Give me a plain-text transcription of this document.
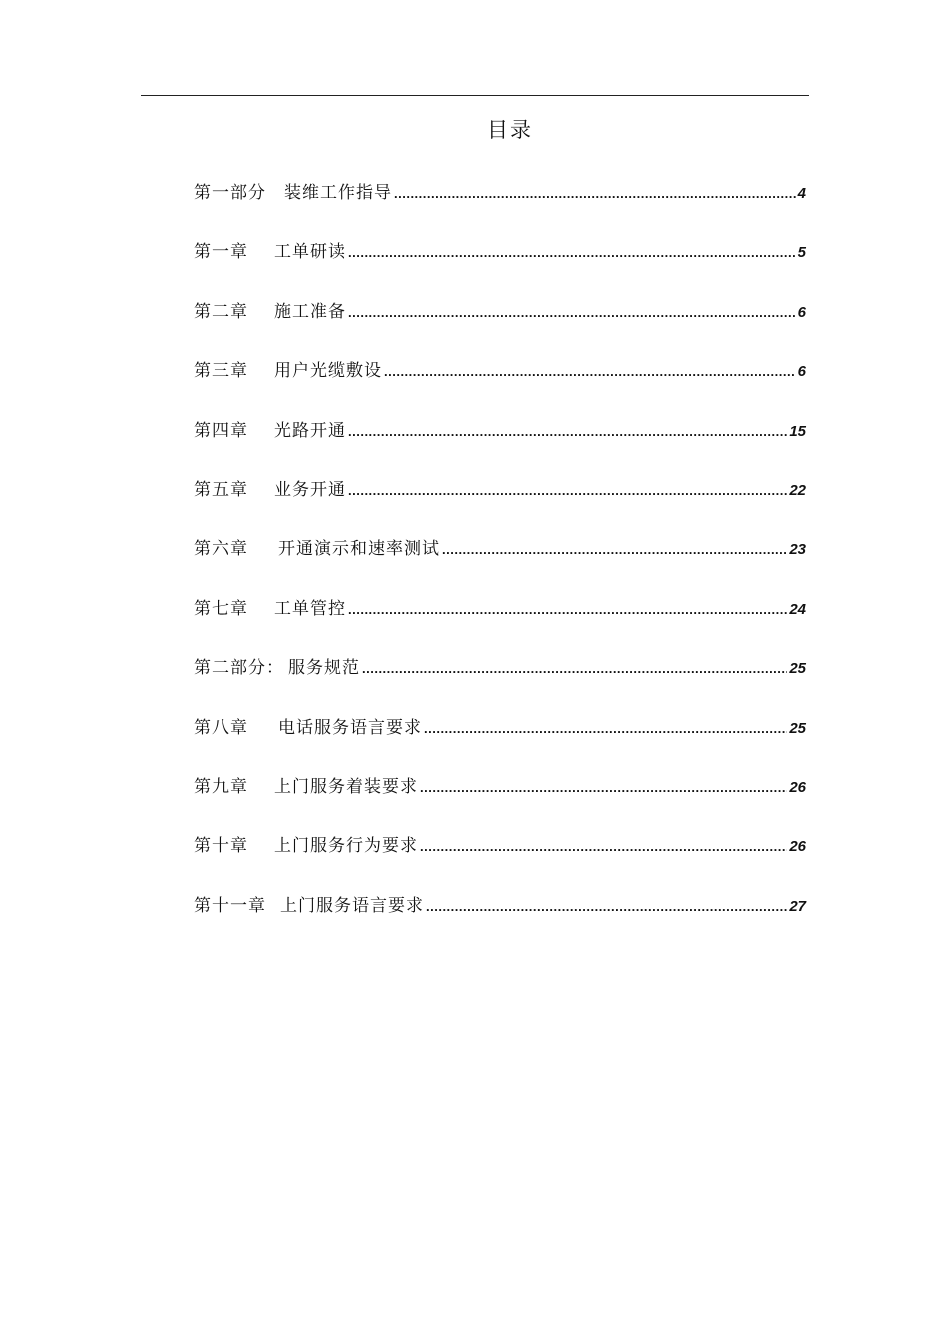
目录
第一部分 装维工作指导 .....	4
第一章 工单研读 .....	5
第二章 施工准备 .....	6
第三章 用户光缆敷设 .....	6
第四章 光路开通 .....	15
第五章 业务开通 .....	22
第六章 开通演示和速率测试 .....	23
第七章 工单管控 .....	24
第二部分： 服务规范 .....	25
第八章 电话服务语言要求 .....	25
第九章 上门服务着装要求 .....	26
第十章 上门服务行为要求 .....	26
第十一章 上门服务语言要求 .....	27
